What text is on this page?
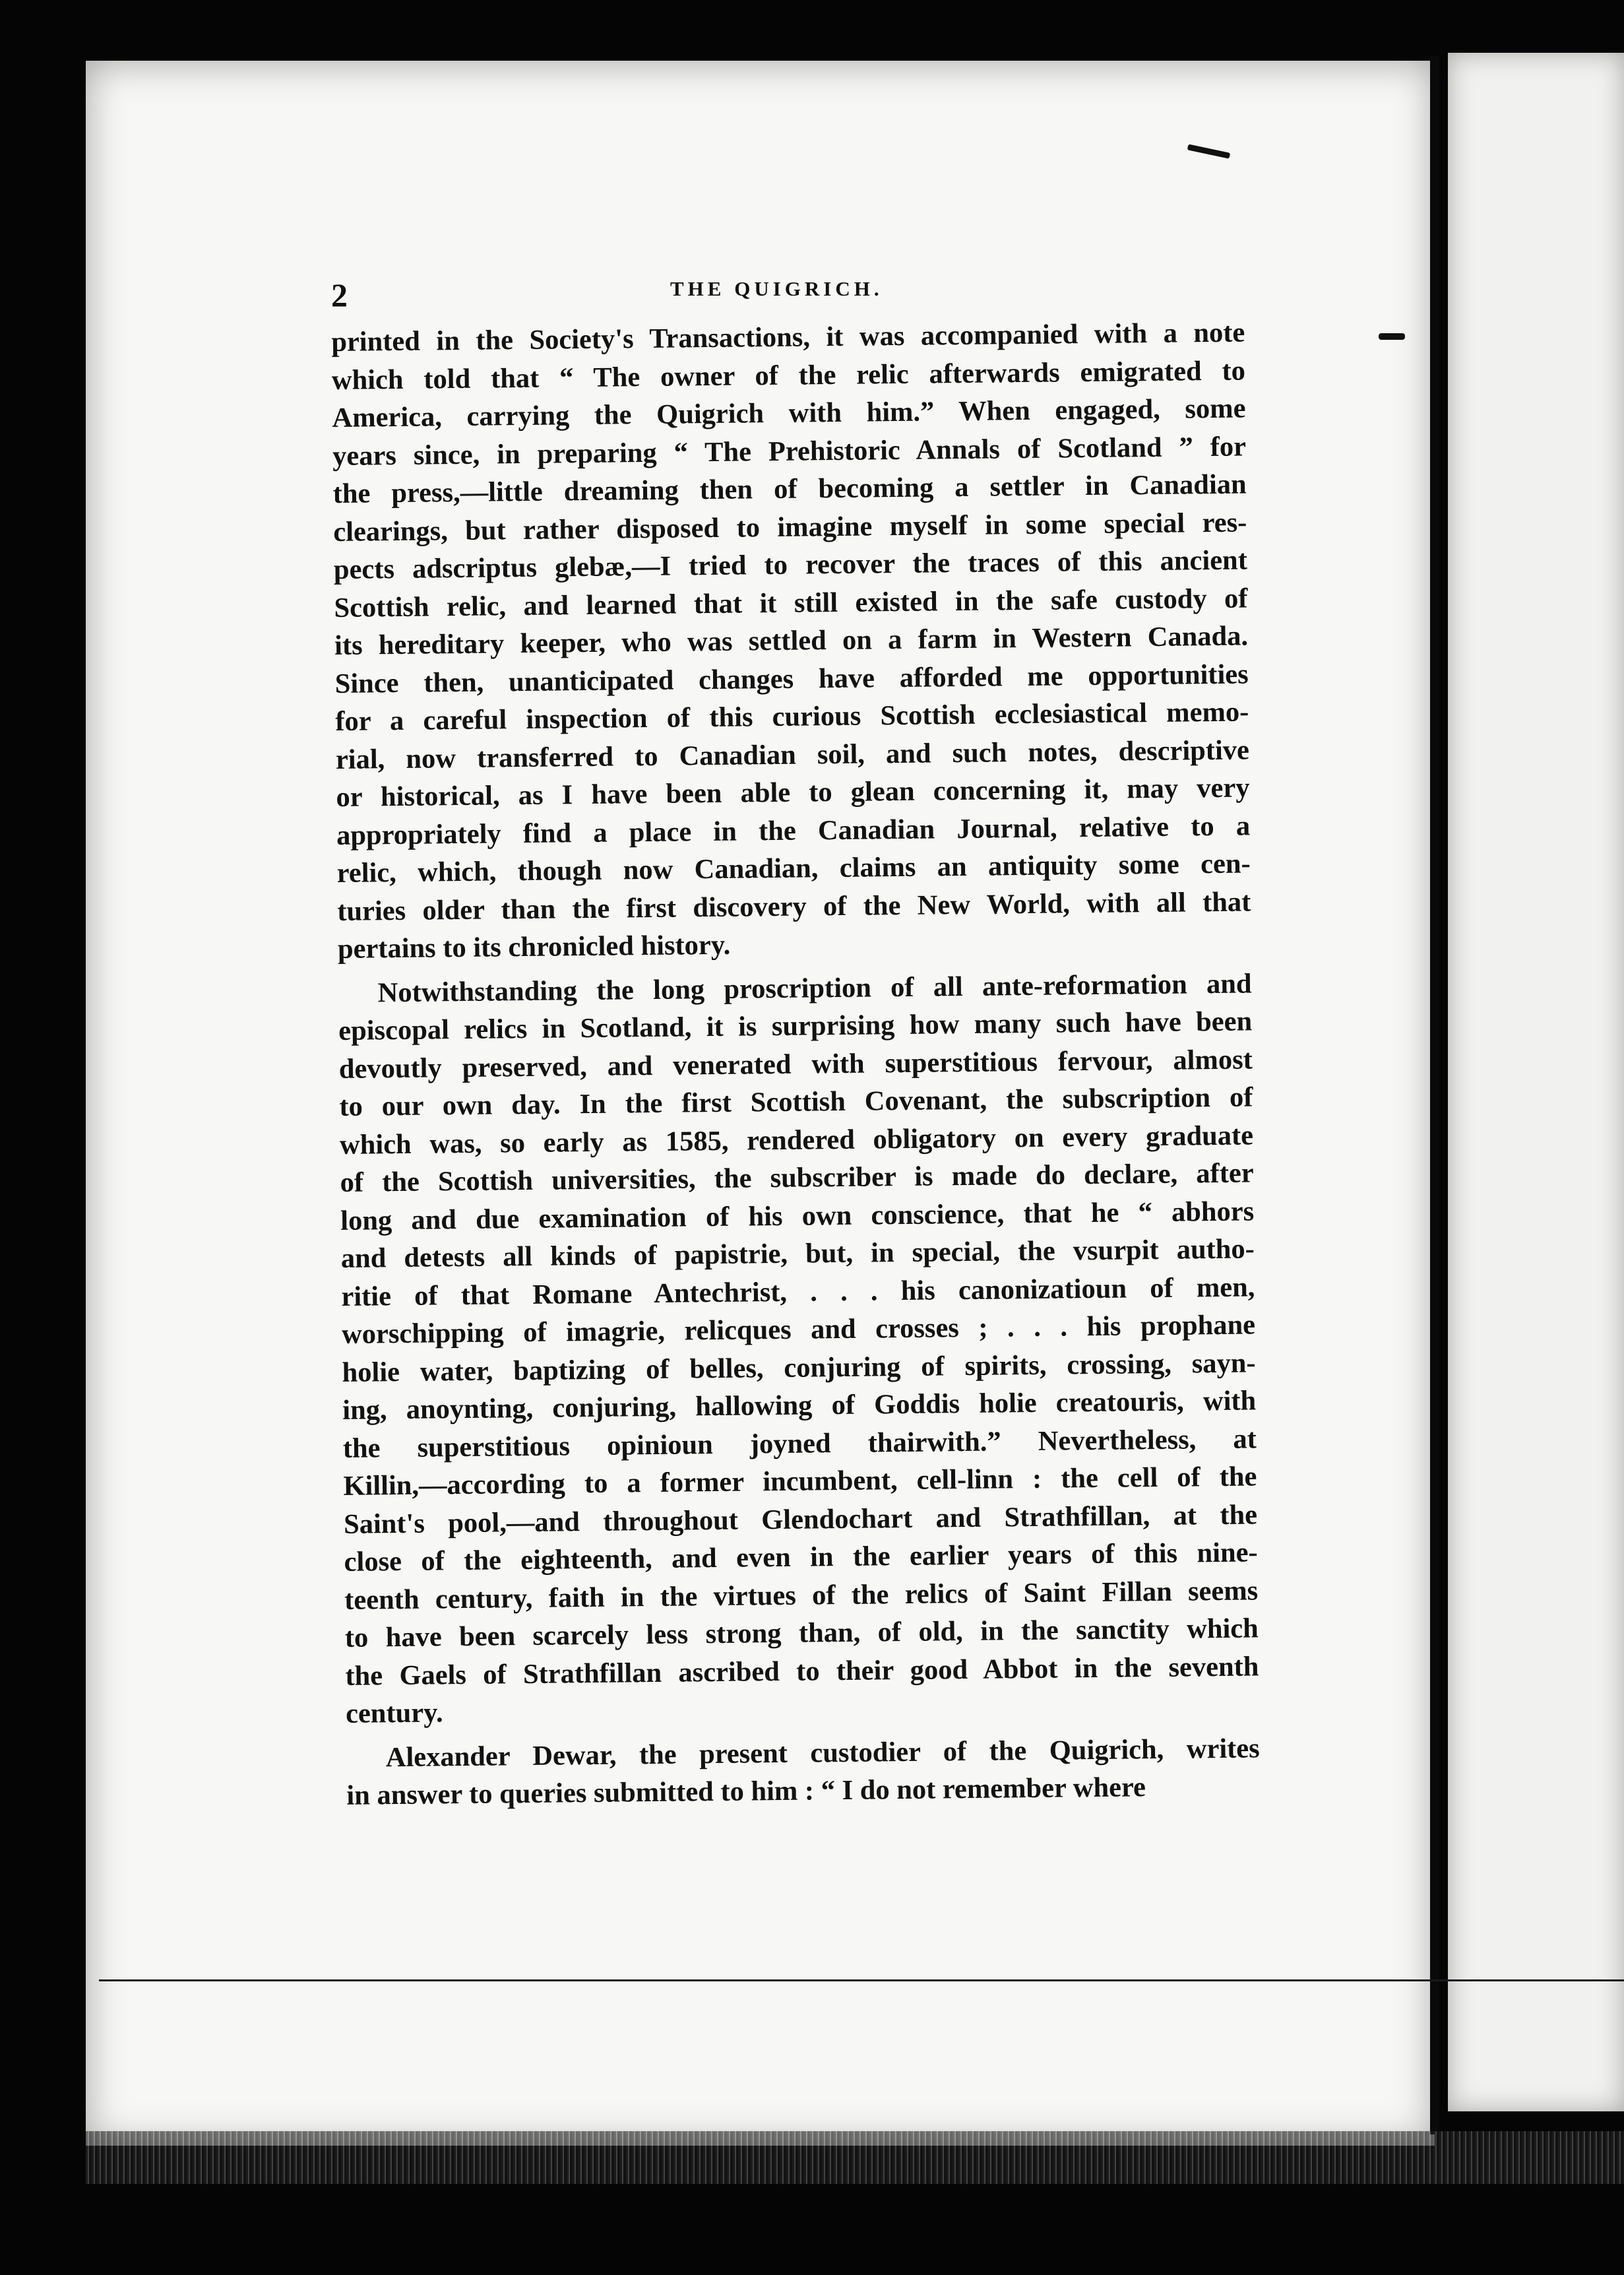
2	THE QUIGRICH.
printed in the Society's Transactions, it was accompanied with a note
which told that “ The owner of the relic afterwards emigrated to
America, carrying the Quigrich with him.” When engaged, some
years since, in preparing “ The Prehistoric Annals of Scotland ” for
the press,—little dreaming then of becoming a settler in Canadian
clearings, but rather disposed to imagine myself in some special res-
pects adscriptus glebæ,—I tried to recover the traces of this ancient
Scottish relic, and learned that it still existed in the safe custody of
its hereditary keeper, who was settled on a farm in Western Canada.
Since then, unanticipated changes have afforded me opportunities
for a careful inspection of this curious Scottish ecclesiastical memo-
rial, now transferred to Canadian soil, and such notes, descriptive
or historical, as I have been able to glean concerning it, may very
appropriately find a place in the Canadian Journal, relative to a
relic, which, though now Canadian, claims an antiquity some cen-
turies older than the first discovery of the New World, with all that
pertains to its chronicled history.
Notwithstanding the long proscription of all ante-reformation and
episcopal relics in Scotland, it is surprising how many such have been
devoutly preserved, and venerated with superstitious fervour, almost
to our own day. In the first Scottish Covenant, the subscription of
which was, so early as 1585, rendered obligatory on every graduate
of the Scottish universities, the subscriber is made do declare, after
long and due examination of his own conscience, that he “ abhors
and detests all kinds of papistrie, but, in special, the vsurpit autho-
ritie of that Romane Antechrist, . . . his canonizatioun of men,
worschipping of imagrie, relicques and crosses ; . . . his prophane
holie water, baptizing of belles, conjuring of spirits, crossing, sayn-
ing, anoynting, conjuring, hallowing of Goddis holie creatouris, with
the superstitious opinioun joyned thairwith.” Nevertheless, at
Killin,—according to a former incumbent, cell-linn : the cell of the
Saint's pool,—and throughout Glendochart and Strathfillan, at the
close of the eighteenth, and even in the earlier years of this nine-
teenth century, faith in the virtues of the relics of Saint Fillan seems
to have been scarcely less strong than, of old, in the sanctity which
the Gaels of Strathfillan ascribed to their good Abbot in the seventh
century.
Alexander Dewar, the present custodier of the Quigrich, writes
in answer to queries submitted to him : “ I do not remember where
